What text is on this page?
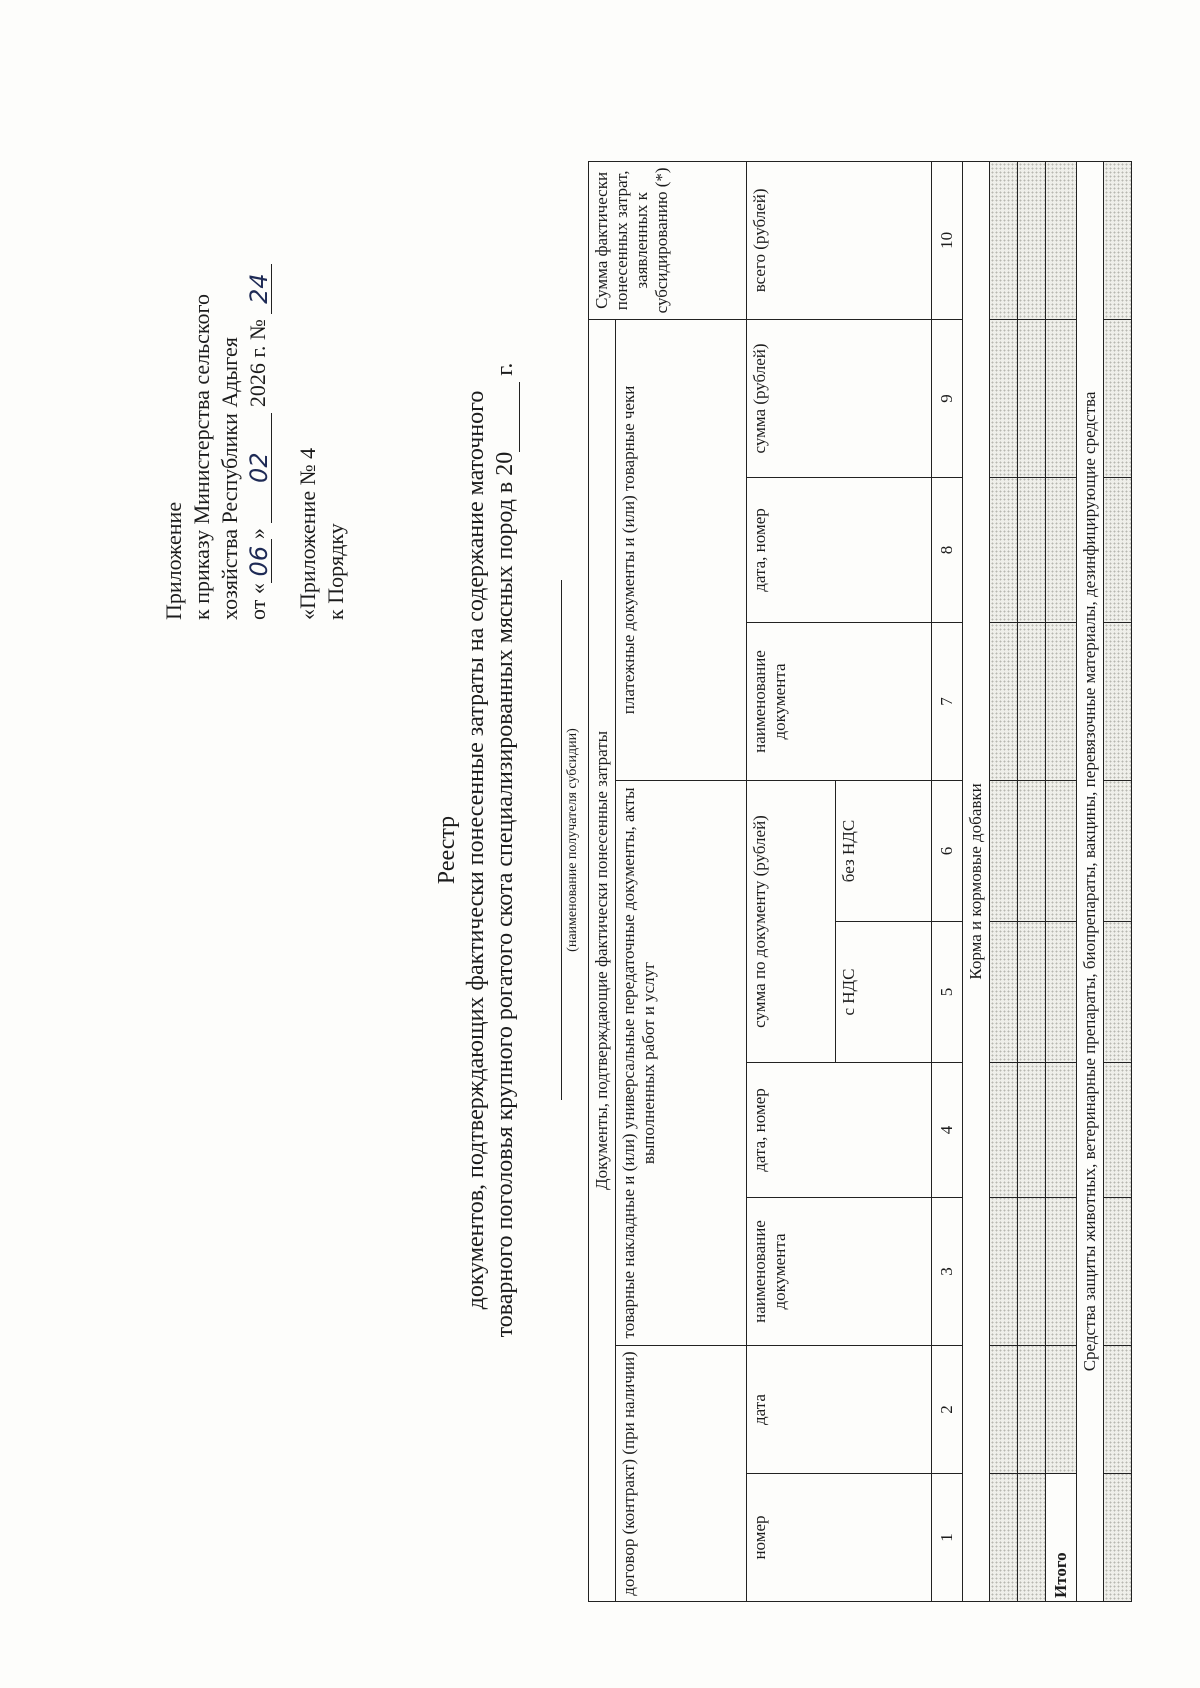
Приложение к приказу Министерства сельского хозяйства Республики Адыгея от «06» 02 2026 г. № 24
«Приложение № 4 к Порядку
Реестр документов, подтверждающих фактически понесенные затраты на содержание маточного товарного поголовья крупного рогатого скота специализированных мясных пород в 20 г.
(наименование получателя субсидии) Документы, подтверждающие фактически понесенные затраты									Сумма фактически понесенных затрат, заявленных к субсидированию (*)
договор (контракт) (при наличии)		товарные накладные и (или) универсальные передаточные документы, акты выполненных работ и услуг				платежные документы и (или) товарные чеки			

номер	дата	наименование документа	дата, номер	сумма по документу (рублей)		наименование документа	дата, номер	сумма (рублей)	всего (рублей)
				с НДС	без НДС				
1	2	3	4	5	6	7	8	9	10
Корма и кормовые добавки									

Итого									
Средства защиты животных, ветеринарные препараты, биопрепараты, вакцины, перевязочные материалы, дезинфицирующие средства									
